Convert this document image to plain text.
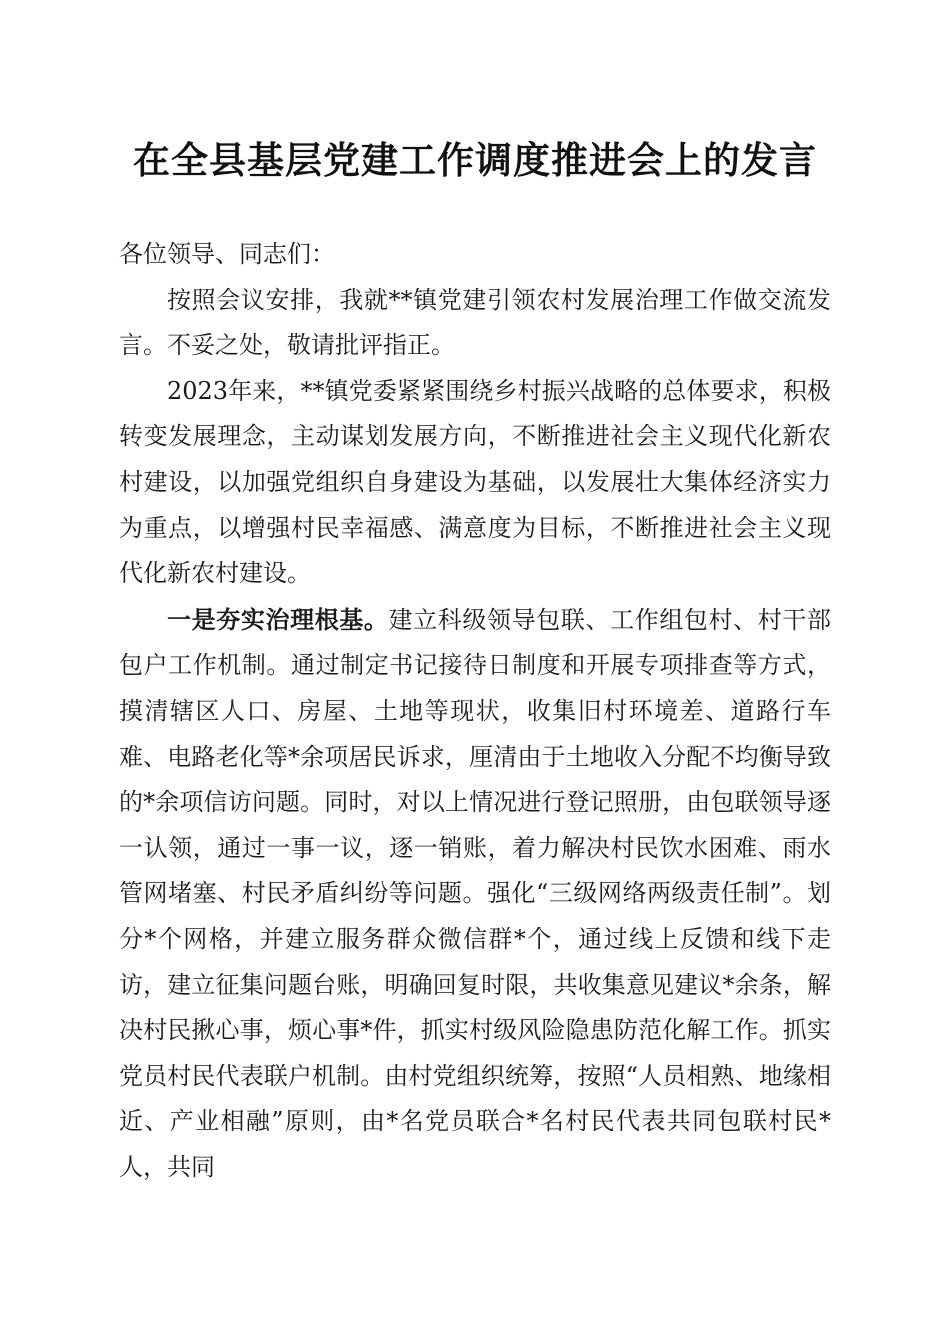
在全县基层党建工作调度推进会上的发言

各位领导、同志们：

按照会议安排，我就**镇党建引领农村发展治理工作做交流发言。不妥之处，敬请批评指正。

2023年来，**镇党委紧紧围绕乡村振兴战略的总体要求，积极转变发展理念，主动谋划发展方向，不断推进社会主义现代化新农村建设，以加强党组织自身建设为基础，以发展壮大集体经济实力为重点，以增强村民幸福感、满意度为目标，不断推进社会主义现代化新农村建设。

一是夯实治理根基。建立科级领导包联、工作组包村、村干部包户工作机制。通过制定书记接待日制度和开展专项排查等方式，摸清辖区人口、房屋、土地等现状，收集旧村环境差、道路行车难、电路老化等*余项居民诉求，厘清由于土地收入分配不均衡导致的*余项信访问题。同时，对以上情况进行登记照册，由包联领导逐一认领，通过一事一议，逐一销账，着力解决村民饮水困难、雨水管网堵塞、村民矛盾纠纷等问题。强化“三级网络两级责任制”。划分*个网格，并建立服务群众微信群*个，通过线上反馈和线下走访，建立征集问题台账，明确回复时限，共收集意见建议*余条，解决村民揪心事，烦心事*件，抓实村级风险隐患防范化解工作。抓实党员村民代表联户机制。由村党组织统筹，按照“人员相熟、地缘相近、产业相融”原则，由*名党员联合*名村民代表共同包联村民*人，共同
